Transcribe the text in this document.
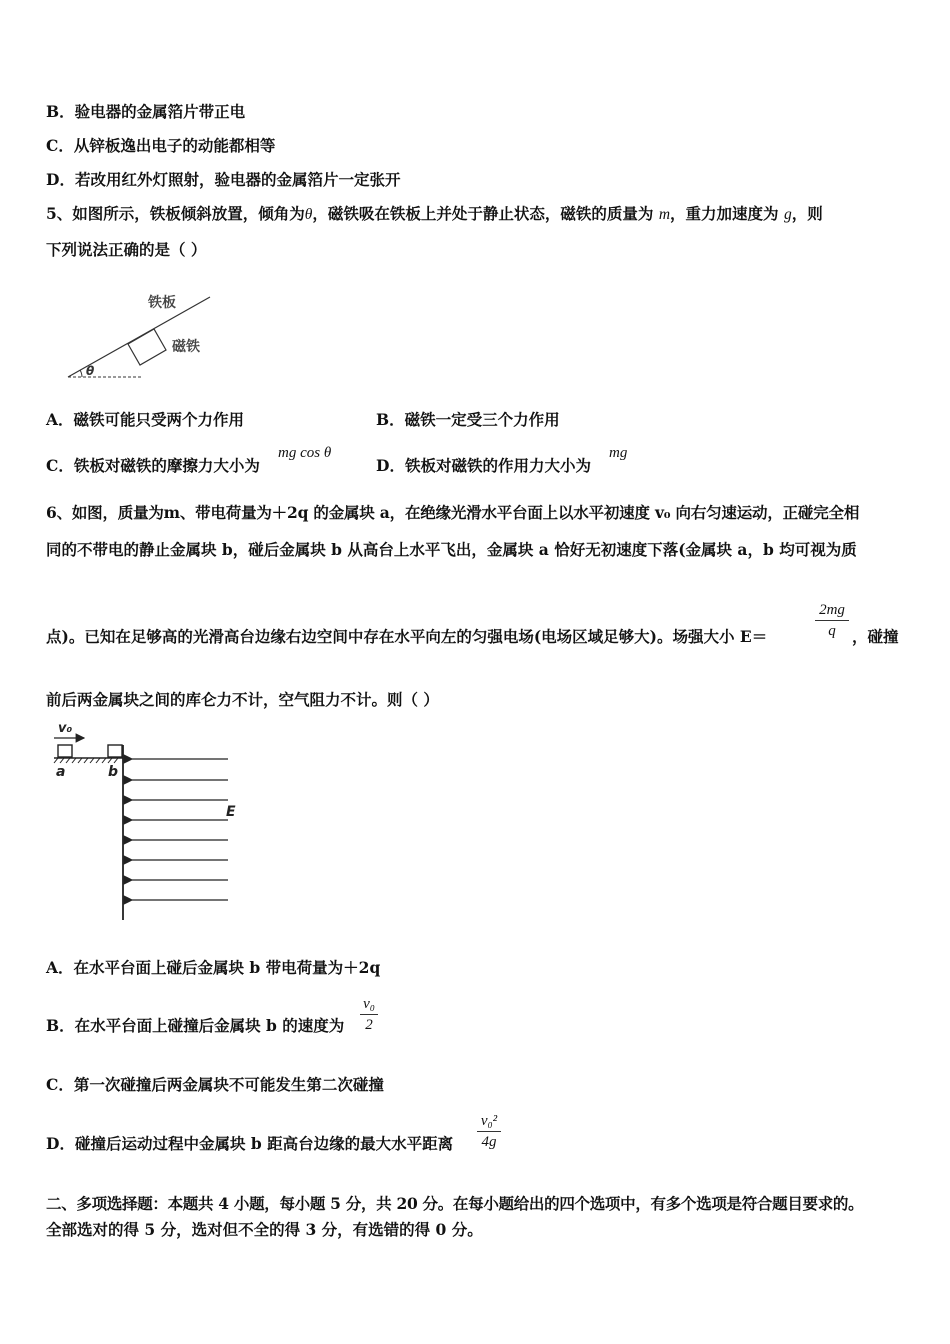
B．验电器的金属箔片带正电
C．从锌板逸出电子的动能都相等
D．若改用红外灯照射，验电器的金属箔片一定张开
5、如图所示，铁板倾斜放置，倾角为θ，磁铁吸在铁板上并处于静止状态，磁铁的质量为 m，重力加速度为 g，则
下列说法正确的是（ ）
θ
铁板
磁铁
A．磁铁可能只受两个力作用	B．磁铁一定受三个力作用
C．铁板对磁铁的摩擦力大小为
mg cos θ
D．铁板对磁铁的作用力大小为
mg
6、如图，质量为m、带电荷量为＋2q 的金属块 a，在绝缘光滑水平台面上以水平初速度 v₀ 向右匀速运动，正碰完全相
同的不带电的静止金属块 b，碰后金属块 b 从高台上水平飞出，金属块 a 恰好无初速度下落(金属块 a，b 均可视为质
点)。已知在足够高的光滑高台边缘右边空间中存在水平向左的匀强电场(电场区域足够大)。场强大小 E＝
2mg
q	，碰撞
前后两金属块之间的库仑力不计，空气阻力不计。则（ ）
v₀
a	b
E
A．在水平台面上碰后金属块 b 带电荷量为＋2q
B．在水平台面上碰撞后金属块 b 的速度为
v₀
2
C．第一次碰撞后两金属块不可能发生第二次碰撞
D．碰撞后运动过程中金属块 b 距高台边缘的最大水平距离
v₀²
4g
二、多项选择题：本题共 4 小题，每小题 5 分，共 20 分。在每小题给出的四个选项中，有多个选项是符合题目要求的。
全部选对的得 5 分，选对但不全的得 3 分，有选错的得 0 分。
